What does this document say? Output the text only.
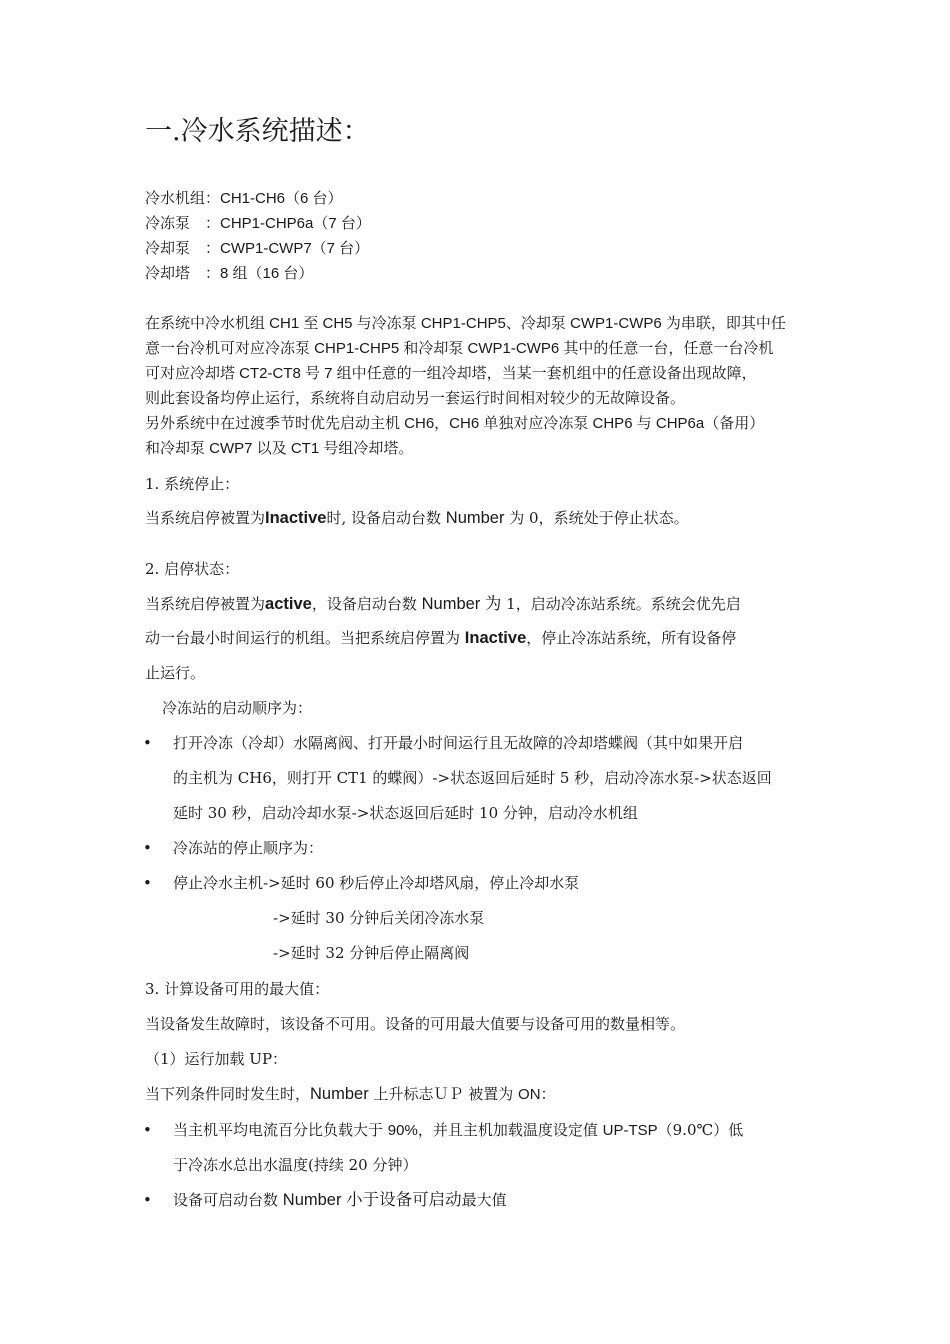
一.冷水系统描述：
冷水机组：CH1-CH6（6 台）
冷冻泵　：CHP1-CHP6a（7 台）
冷却泵　：CWP1-CWP7（7 台）
冷却塔　：8 组（16 台）
在系统中冷水机组 CH1 至 CH5 与冷冻泵 CHP1-CHP5、冷却泵 CWP1-CWP6 为串联，即其中任
意一台冷机可对应冷冻泵 CHP1-CHP5 和冷却泵 CWP1-CWP6 其中的任意一台，任意一台冷机
可对应冷却塔 CT2-CT8 号 7 组中任意的一组冷却塔，当某一套机组中的任意设备出现故障，
则此套设备均停止运行，系统将自动启动另一套运行时间相对较少的无故障设备。
另外系统中在过渡季节时优先启动主机 CH6，CH6 单独对应冷冻泵 CHP6 与 CHP6a（备用）
和冷却泵 CWP7 以及 CT1 号组冷却塔。
1. 系统停止：
当系统启停被置为Inactive时, 设备启动台数 Number 为 0，系统处于停止状态。
2. 启停状态：
当系统启停被置为active，设备启动台数 Number 为 1，启动冷冻站系统。系统会优先启
动一台最小时间运行的机组。当把系统启停置为 Inactive，停止冷冻站系统，所有设备停
止运行。
冷冻站的启动顺序为：
• 打开冷冻（冷却）水隔离阀、打开最小时间运行且无故障的冷却塔蝶阀（其中如果开启
的主机为 CH6，则打开 CT1 的蝶阀）->状态返回后延时 5 秒，启动冷冻水泵->状态返回
延时 30 秒，启动冷却水泵->状态返回后延时 10 分钟，启动冷水机组
• 冷冻站的停止顺序为：
• 停止冷水主机->延时 60 秒后停止冷却塔风扇，停止冷却水泵
->延时 30 分钟后关闭冷冻水泵
->延时 32 分钟后停止隔离阀
3. 计算设备可用的最大值：
当设备发生故障时，该设备不可用。设备的可用最大值要与设备可用的数量相等。
（1）运行加载 UP：
当下列条件同时发生时，Number 上升标志ＵＰ 被置为 ON：
• 当主机平均电流百分比负载大于 90%，并且主机加载温度设定值 UP-TSP（9.0℃）低
于冷冻水总出水温度(持续 20 分钟）
• 设备可启动台数 Number 小于设备可启动最大值
